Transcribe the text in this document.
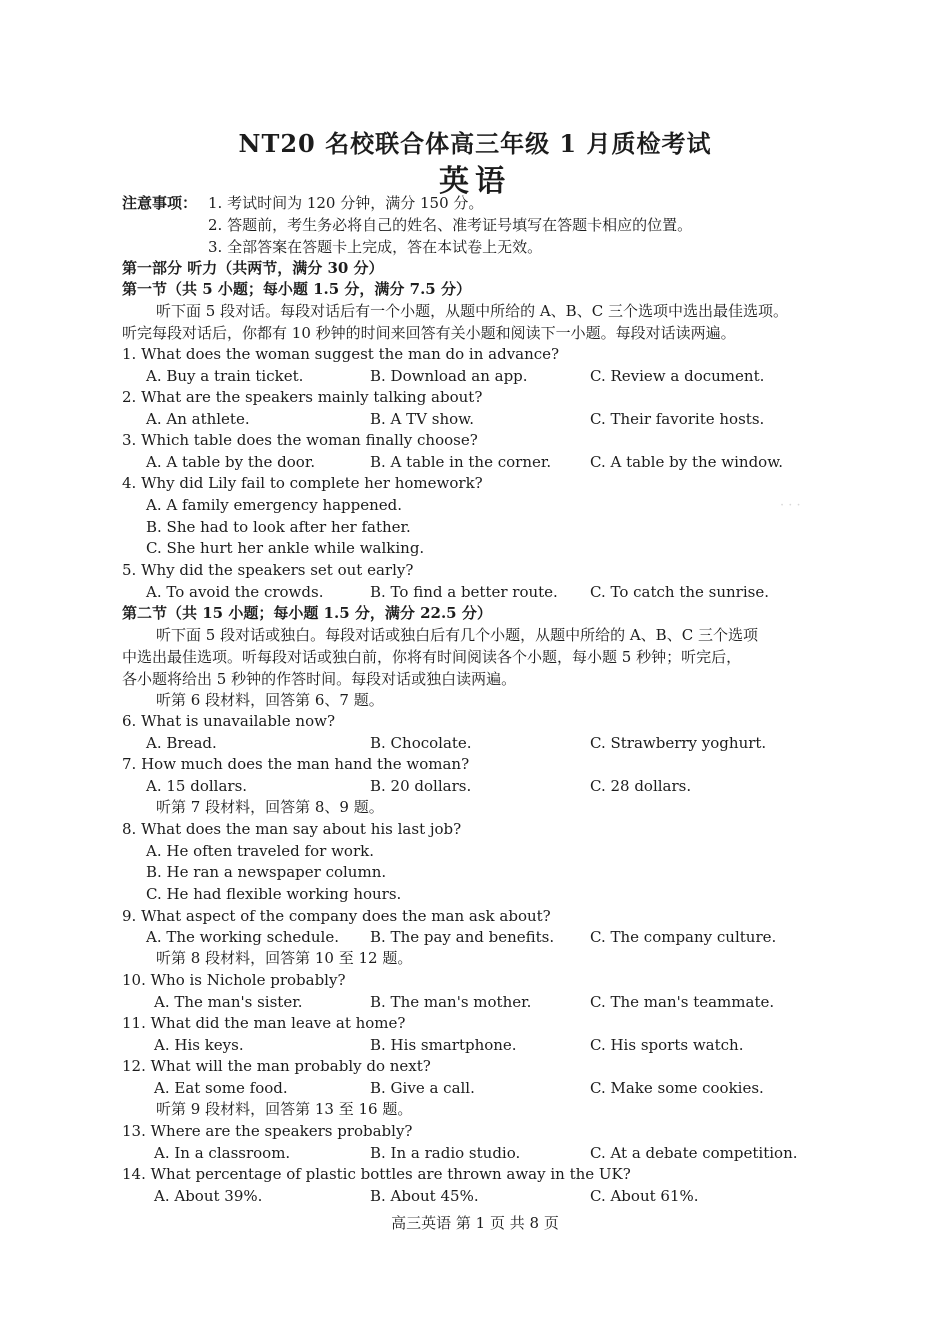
· · ·
NT20 名校联合体高三年级 1 月质检考试
英语
注意事项： 1. 考试时间为 120 分钟，满分 150 分。
2. 答题前，考生务必将自己的姓名、准考证号填写在答题卡相应的位置。
3. 全部答案在答题卡上完成，答在本试卷上无效。
第一部分 听力（共两节，满分 30 分）
第一节（共 5 小题；每小题 1.5 分，满分 7.5 分）
听下面 5 段对话。每段对话后有一个小题，从题中所给的 A、B、C 三个选项中选出最佳选项。
听完每段对话后，你都有 10 秒钟的时间来回答有关小题和阅读下一小题。每段对话读两遍。
1. What does the woman suggest the man do in advance?
A. Buy a train ticket.	B. Download an app.	C. Review a document.
2. What are the speakers mainly talking about?
A. An athlete.	B. A TV show.	C. Their favorite hosts.
3. Which table does the woman finally choose?
A. A table by the door.	B. A table in the corner.	C. A table by the window.
4. Why did Lily fail to complete her homework?
A. A family emergency happened.
B. She had to look after her father.
C. She hurt her ankle while walking.
5. Why did the speakers set out early?
A. To avoid the crowds.	B. To find a better route. C. To catch the sunrise.
第二节（共 15 小题；每小题 1.5 分，满分 22.5 分）
听下面 5 段对话或独白。每段对话或独白后有几个小题，从题中所给的 A、B、C 三个选项
中选出最佳选项。听每段对话或独白前，你将有时间阅读各个小题，每小题 5 秒钟；听完后，
各小题将给出 5 秒钟的作答时间。每段对话或独白读两遍。
听第 6 段材料，回答第 6、7 题。
6. What is unavailable now?
A. Bread.	B. Chocolate.	C. Strawberry yoghurt.
7. How much does the man hand the woman?
A. 15 dollars.	B. 20 dollars.	C. 28 dollars.
听第 7 段材料，回答第 8、9 题。
8. What does the man say about his last job?
A. He often traveled for work.
B. He ran a newspaper column.
C. He had flexible working hours.
9. What aspect of the company does the man ask about?
A. The working schedule. B. The pay and benefits. C. The company culture.
听第 8 段材料，回答第 10 至 12 题。
10. Who is Nichole probably?
A. The man's sister.	B. The man's mother.	C. The man's teammate.
11. What did the man leave at home?
A. His keys.	B. His smartphone.	C. His sports watch.
12. What will the man probably do next?
A. Eat some food.	B. Give a call.	C. Make some cookies.
听第 9 段材料，回答第 13 至 16 题。
13. Where are the speakers probably?
A. In a classroom.	B. In a radio studio.	C. At a debate competition.
14. What percentage of plastic bottles are thrown away in the UK?
A. About 39%.	B. About 45%.	C. About 61%.
高三英语 第 1 页 共 8 页
